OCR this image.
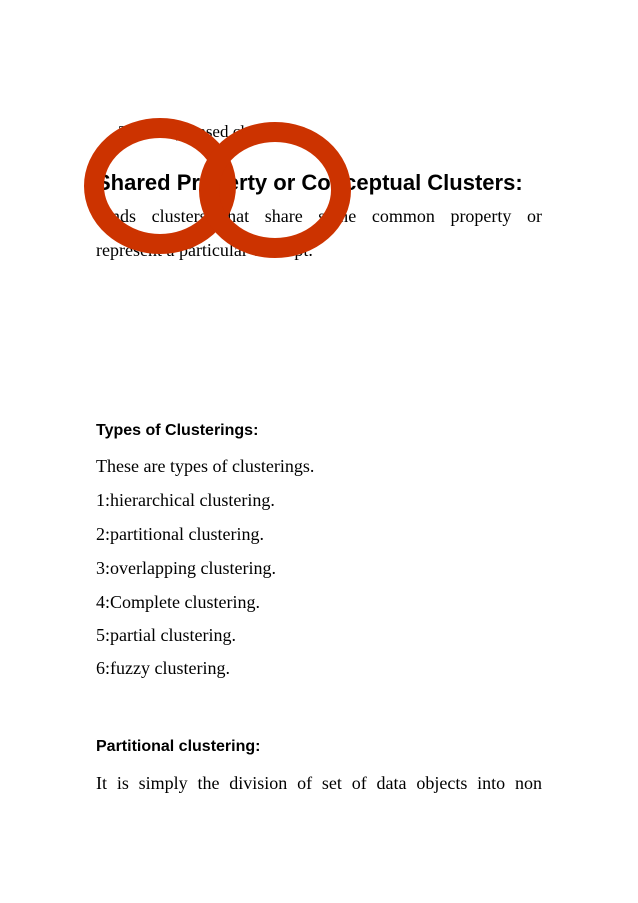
2:Density-based clusters
Shared Property or Conceptual Clusters:
Finds clusters that share some common property or
represent a particular concept.
Types of Clusterings:
These are types of clusterings.
1:hierarchical clustering.
2:partitional clustering.
3:overlapping clustering.
4:Complete clustering.
5:partial clustering.
6:fuzzy clustering.
Partitional clustering:
It is simply the division of set of data objects into non
